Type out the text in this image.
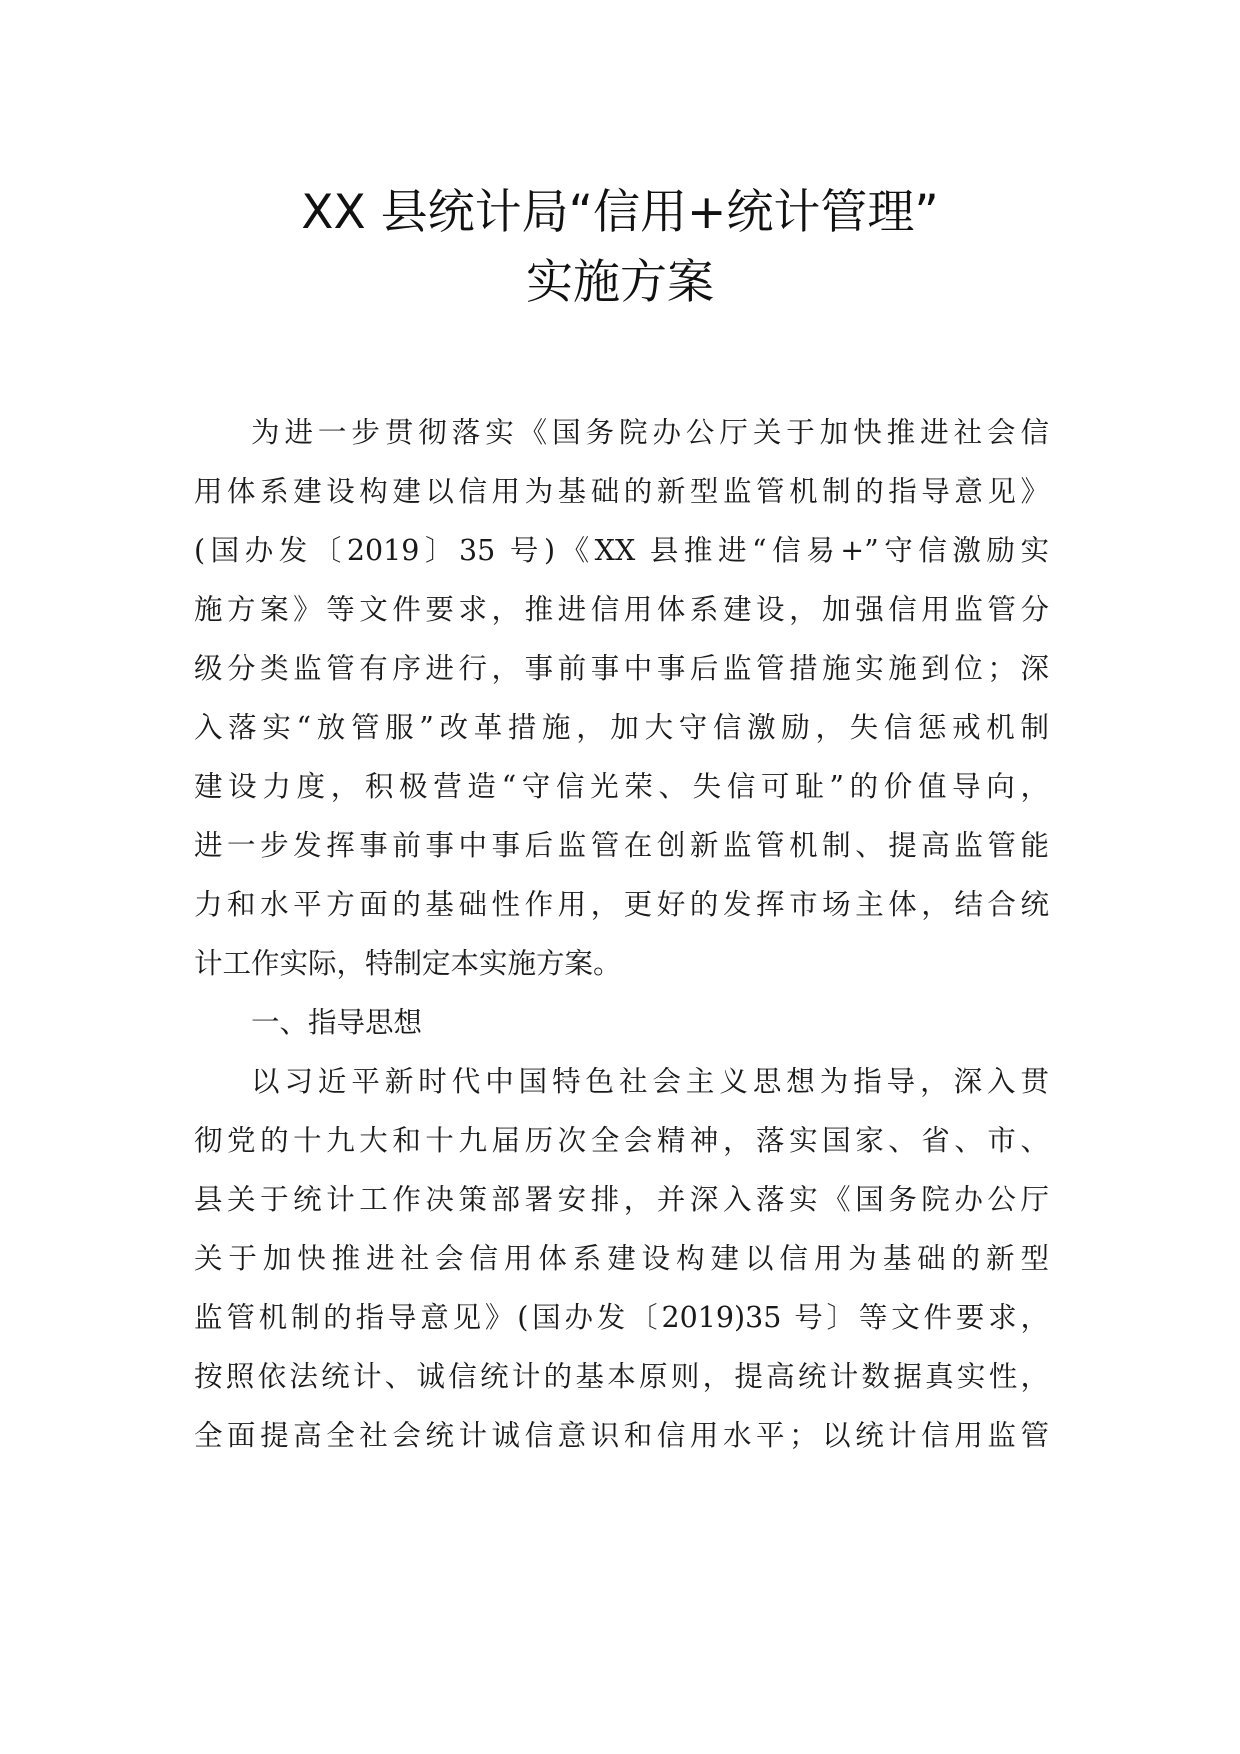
XX 县统计局“信用+统计管理”
实施方案
为进一步贯彻落实《国务院办公厅关于加快推进社会信
用体系建设构建以信用为基础的新型监管机制的指导意见》
(国办发〔2019〕35 号)《XX 县推进“信易+”守信激励实
施方案》等文件要求，推进信用体系建设，加强信用监管分
级分类监管有序进行，事前事中事后监管措施实施到位；深
入落实“放管服”改革措施，加大守信激励，失信惩戒机制
建设力度，积极营造“守信光荣、失信可耻”的价值导向，
进一步发挥事前事中事后监管在创新监管机制、提高监管能
力和水平方面的基础性作用，更好的发挥市场主体，结合统
计工作实际，特制定本实施方案。
一、指导思想
以习近平新时代中国特色社会主义思想为指导，深入贯
彻党的十九大和十九届历次全会精神，落实国家、省、市、
县关于统计工作决策部署安排，并深入落实《国务院办公厅
关于加快推进社会信用体系建设构建以信用为基础的新型
监管机制的指导意见》(国办发〔2019)35 号〕等文件要求，
按照依法统计、诚信统计的基本原则，提高统计数据真实性，
全面提高全社会统计诚信意识和信用水平；以统计信用监管
